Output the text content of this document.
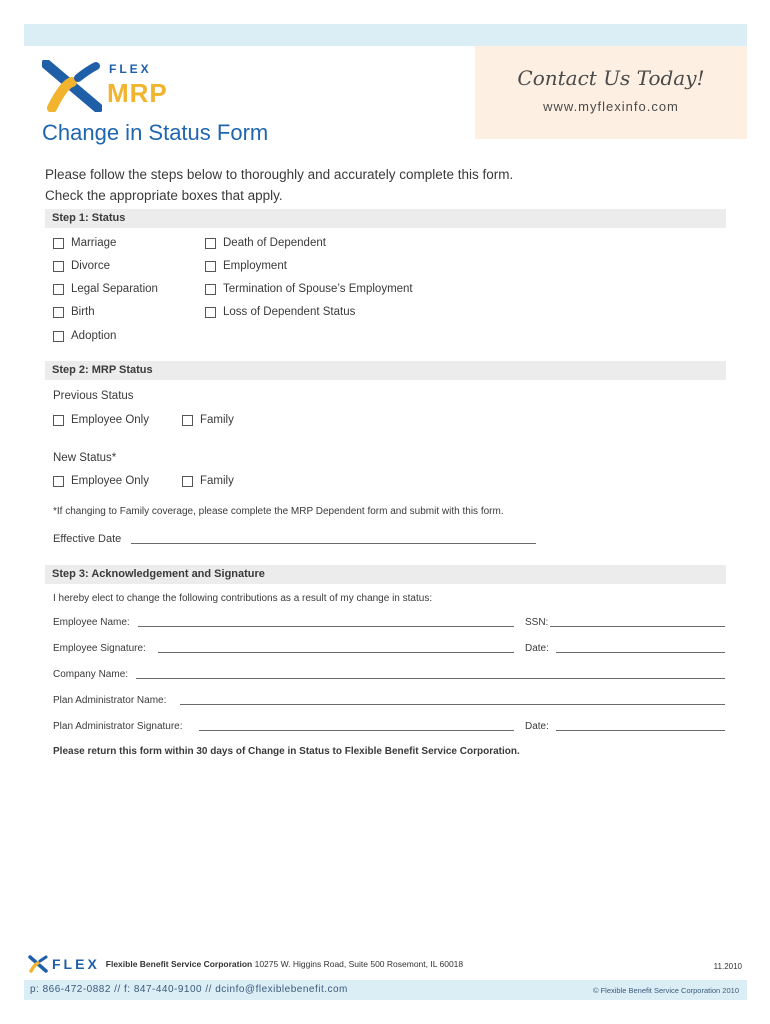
Contact Us Today!
www.myflexinfo.com
FLEX
MRP
Change in Status Form
Please follow the steps below to thoroughly and accurately complete this form.
Check the appropriate boxes that apply.
Step 1: Status
Marriage
Divorce
Legal Separation
Birth
Adoption
Death of Dependent
Employment
Termination of Spouse’s Employment
Loss of Dependent Status
Step 2: MRP Status
Previous Status
Employee Only	Family
New Status*
Employee Only	Family
*If changing to Family coverage, please complete the MRP Dependent form and submit with this form.
Effective Date
Step 3: Acknowledgement and Signature
I hereby elect to change the following contributions as a result of my change in status:
Employee Name:	SSN:
Employee Signature:	Date:
Company Name:
Plan Administrator Name:
Plan Administrator Signature:	Date:
Please return this form within 30 days of Change in Status to Flexible Benefit Service Corporation.
FLEX Flexible Benefit Service Corporation 10275 W. Higgins Road, Suite 500 Rosemont, IL 60018	11.2010
p: 866-472-0882 // f: 847-440-9100 // dcinfo@flexiblebenefit.com	© Flexible Benefit Service Corporation 2010
